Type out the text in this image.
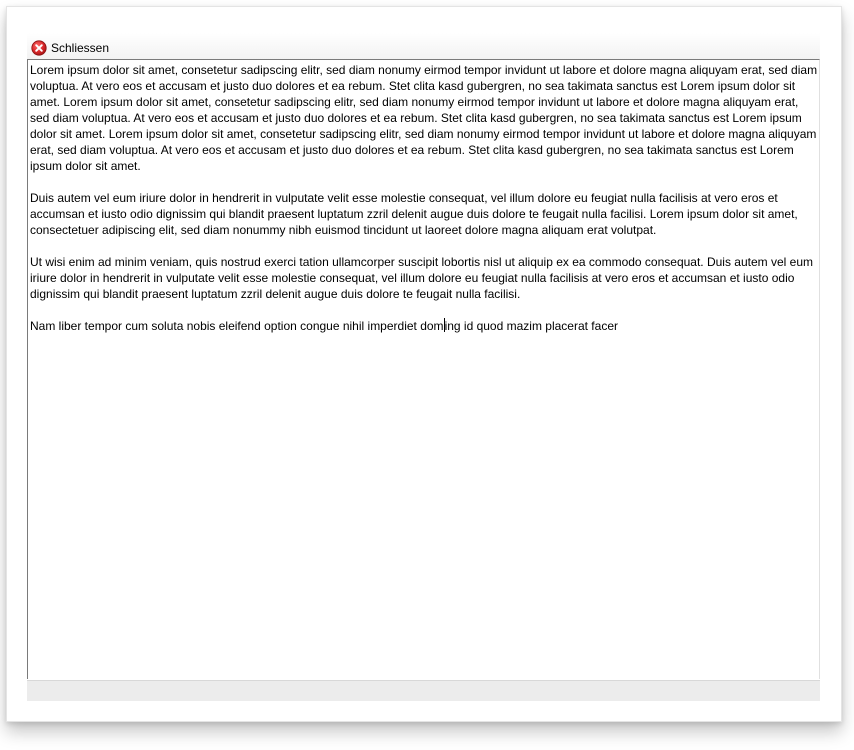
Schliessen

Lorem ipsum dolor sit amet, consetetur sadipscing elitr, sed diam nonumy eirmod tempor invidunt ut labore et dolore magna aliquyam erat, sed diam voluptua. At vero eos et accusam et justo duo dolores et ea rebum. Stet clita kasd gubergren, no sea takimata sanctus est Lorem ipsum dolor sit amet. Lorem ipsum dolor sit amet, consetetur sadipscing elitr, sed diam nonumy eirmod tempor invidunt ut labore et dolore magna aliquyam erat, sed diam voluptua. At vero eos et accusam et justo duo dolores et ea rebum. Stet clita kasd gubergren, no sea takimata sanctus est Lorem ipsum dolor sit amet. Lorem ipsum dolor sit amet, consetetur sadipscing elitr, sed diam nonumy eirmod tempor invidunt ut labore et dolore magna aliquyam erat, sed diam voluptua. At vero eos et accusam et justo duo dolores et ea rebum. Stet clita kasd gubergren, no sea takimata sanctus est Lorem ipsum dolor sit amet.

Duis autem vel eum iriure dolor in hendrerit in vulputate velit esse molestie consequat, vel illum dolore eu feugiat nulla facilisis at vero eros et accumsan et iusto odio dignissim qui blandit praesent luptatum zzril delenit augue duis dolore te feugait nulla facilisi. Lorem ipsum dolor sit amet, consectetuer adipiscing elit, sed diam nonummy nibh euismod tincidunt ut laoreet dolore magna aliquam erat volutpat.

Ut wisi enim ad minim veniam, quis nostrud exerci tation ullamcorper suscipit lobortis nisl ut aliquip ex ea commodo consequat. Duis autem vel eum iriure dolor in hendrerit in vulputate velit esse molestie consequat, vel illum dolore eu feugiat nulla facilisis at vero eros et accumsan et iusto odio dignissim qui blandit praesent luptatum zzril delenit augue duis dolore te feugait nulla facilisi.

Nam liber tempor cum soluta nobis eleifend option congue nihil imperdiet doming id quod mazim placerat facer
